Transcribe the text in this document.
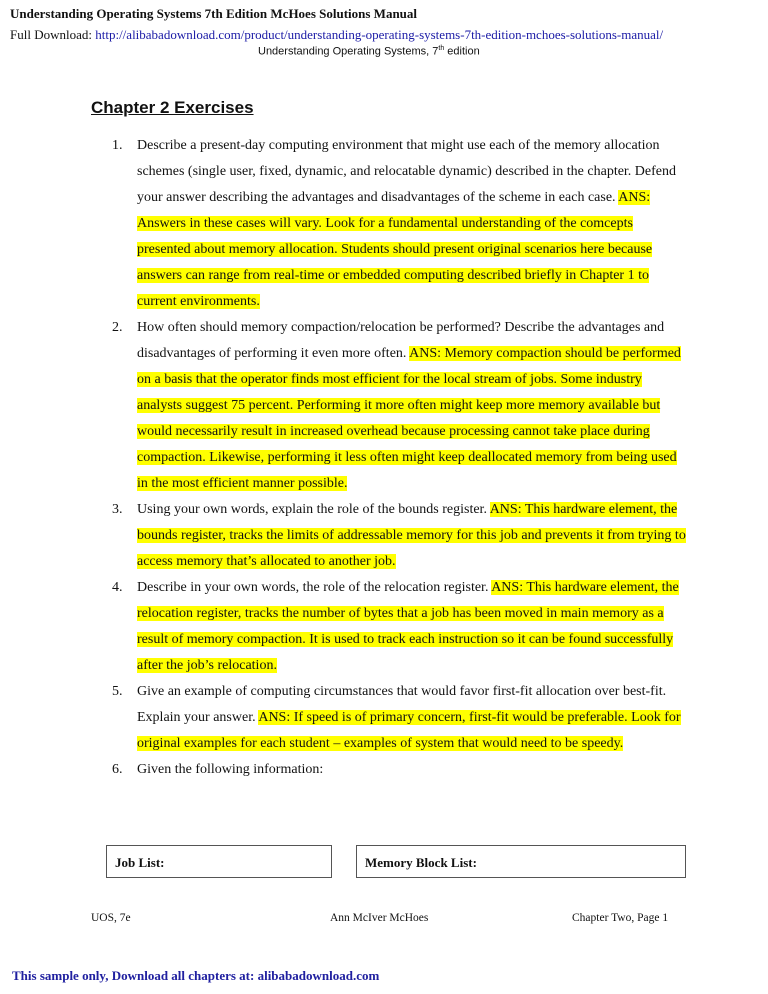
Understanding Operating Systems 7th Edition McHoes Solutions Manual
Full Download: http://alibabadownload.com/product/understanding-operating-systems-7th-edition-mchoes-solutions-manual/
Understanding Operating Systems, 7th edition
Chapter 2 Exercises
1. Describe a present-day computing environment that might use each of the memory allocation schemes (single user, fixed, dynamic, and relocatable dynamic) described in the chapter. Defend your answer describing the advantages and disadvantages of the scheme in each case. ANS: Answers in these cases will vary. Look for a fundamental understanding of the comcepts presented about memory allocation. Students should present original scenarios here because answers can range from real-time or embedded computing described briefly in Chapter 1 to current environments.
2. How often should memory compaction/relocation be performed? Describe the advantages and disadvantages of performing it even more often. ANS: Memory compaction should be performed on a basis that the operator finds most efficient for the local stream of jobs. Some industry analysts suggest 75 percent. Performing it more often might keep more memory available but would necessarily result in increased overhead because processing cannot take place during compaction. Likewise, performing it less often might keep deallocated memory from being used in the most efficient manner possible.
3. Using your own words, explain the role of the bounds register. ANS: This hardware element, the bounds register, tracks the limits of addressable memory for this job and prevents it from trying to access memory that’s allocated to another job.
4. Describe in your own words, the role of the relocation register. ANS: This hardware element, the relocation register, tracks the number of bytes that a job has been moved in main memory as a result of memory compaction. It is used to track each instruction so it can be found successfully after the job’s relocation.
5. Give an example of computing circumstances that would favor first-fit allocation over best-fit. Explain your answer. ANS: If speed is of primary concern, first-fit would be preferable. Look for original examples for each student – examples of system that would need to be speedy.
6. Given the following information:
Job List:	Memory Block List:
UOS, 7e	Ann McIver McHoes	Chapter Two, Page 1
This sample only, Download all chapters at: alibabadownload.com
